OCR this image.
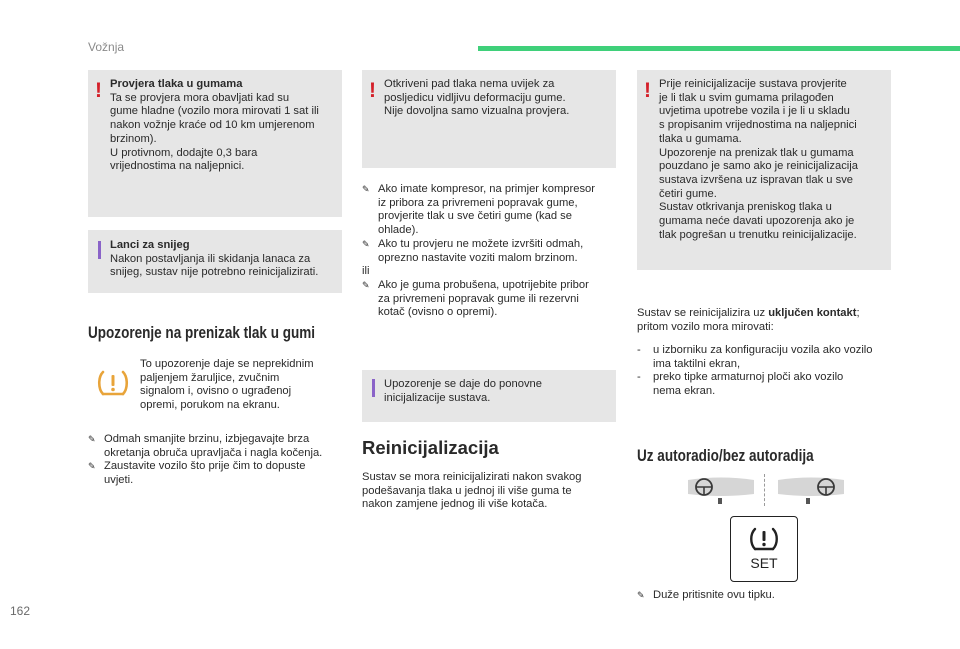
Vožnja
162
! Provjera tlaka u gumama

Ta se provjera mora obavljati kad su

gume hladne (vozilo mora mirovati 1 sat ili

nakon vožnje kraće od 10 km umjerenom

brzinom).

U protivnom, dodajte 0,3 bara

vrijednostima na naljepnici.

Lanci za snijeg

Nakon postavljanja ili skidanja lanaca za

snijeg, sustav nije potrebno reinicijalizirati.

Upozorenje na prenizak tlak u gumi

To upozorenje daje se neprekidnim

paljenjem žaruljice, zvučnim

signalom i, ovisno o ugrađenoj

opremi, porukom na ekranu.

✎ Odmah smanjite brzinu, izbjegavajte brza

okretanja obruča upravljača i nagla kočenja.

✎ Zaustavite vozilo što prije čim to dopuste

uvjeti.

! Otkriveni pad tlaka nema uvijek za

posljedicu vidljivu deformaciju gume.

Nije dovoljna samo vizualna provjera.

✎ Ako imate kompresor, na primjer kompresor

iz pribora za privremeni popravak gume,

provjerite tlak u sve četiri gume (kad se

ohlade).

✎ Ako tu provjeru ne možete izvršiti odmah,

oprezno nastavite voziti malom brzinom.

ili

✎ Ako je guma probušena, upotrijebite pribor

za privremeni popravak gume ili rezervni

kotač (ovisno o opremi).

Upozorenje se daje do ponovne

inicijalizacije sustava.

Reinicijalizacija

Sustav se mora reinicijalizirati nakon svakog

podešavanja tlaka u jednoj ili više guma te

nakon zamjene jednog ili više kotača.

! Prije reinicijalizacije sustava provjerite

je li tlak u svim gumama prilagođen

uvjetima upotrebe vozila i je li u skladu

s propisanim vrijednostima na naljepnici

tlaka u gumama.

Upozorenje na prenizak tlak u gumama

pouzdano je samo ako je reinicijalizacija

sustava izvršena uz ispravan tlak u sve

četiri gume.

Sustav otkrivanja preniskog tlaka u

gumama neće davati upozorenja ako je

tlak pogrešan u trenutku reinicijalizacije.

Sustav se reinicijalizira uz uključen kontakt;

pritom vozilo mora mirovati:

-	u izborniku za konfiguraciju vozila ako vozilo

ima taktilni ekran,

-	preko tipke armaturnoj ploči ako vozilo

nema ekran.

Uz autoradio/bez autoradija
SET
✎ Duže pritisnite ovu tipku.
